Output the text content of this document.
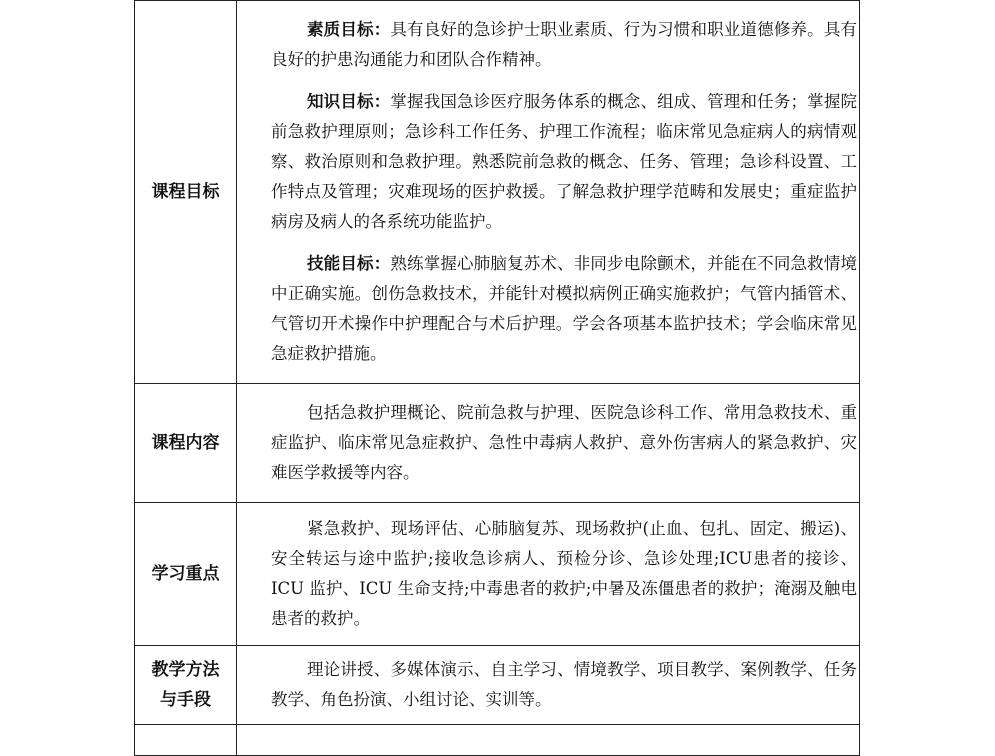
课程目标	素质目标：具有良好的急诊护士职业素质、行为习惯和职业道德修养。具有良好的护患沟通能力和团队合作精神。

知识目标：掌握我国急诊医疗服务体系的概念、组成、管理和任务；掌握院前急救护理原则；急诊科工作任务、护理工作流程；临床常见急症病人的病情观察、救治原则和急救护理。熟悉院前急救的概念、任务、管理；急诊科设置、工作特点及管理；灾难现场的医护救援。了解急救护理学范畴和发展史；重症监护病房及病人的各系统功能监护。

技能目标：熟练掌握心肺脑复苏术、非同步电除颤术，并能在不同急救情境中正确实施。创伤急救技术，并能针对模拟病例正确实施救护；气管内插管术、气管切开术操作中护理配合与术后护理。学会各项基本监护技术；学会临床常见急症救护措施。

课程内容	包括急救护理概论、院前急救与护理、医院急诊科工作、常用急救技术、重症监护、临床常见急症救护、急性中毒病人救护、意外伤害病人的紧急救护、灾难医学救援等内容。

学习重点	紧急救护、现场评估、心肺脑复苏、现场救护(止血、包扎、固定、搬运)、安全转运与途中监护;接收急诊病人、预检分诊、急诊处理;ICU患者的接诊、ICU 监护、ICU 生命支持;中毒患者的救护;中暑及冻僵患者的救护；淹溺及触电患者的救护。

教学方法
与手段	理论讲授、多媒体演示、自主学习、情境教学、项目教学、案例教学、任务教学、角色扮演、小组讨论、实训等。
